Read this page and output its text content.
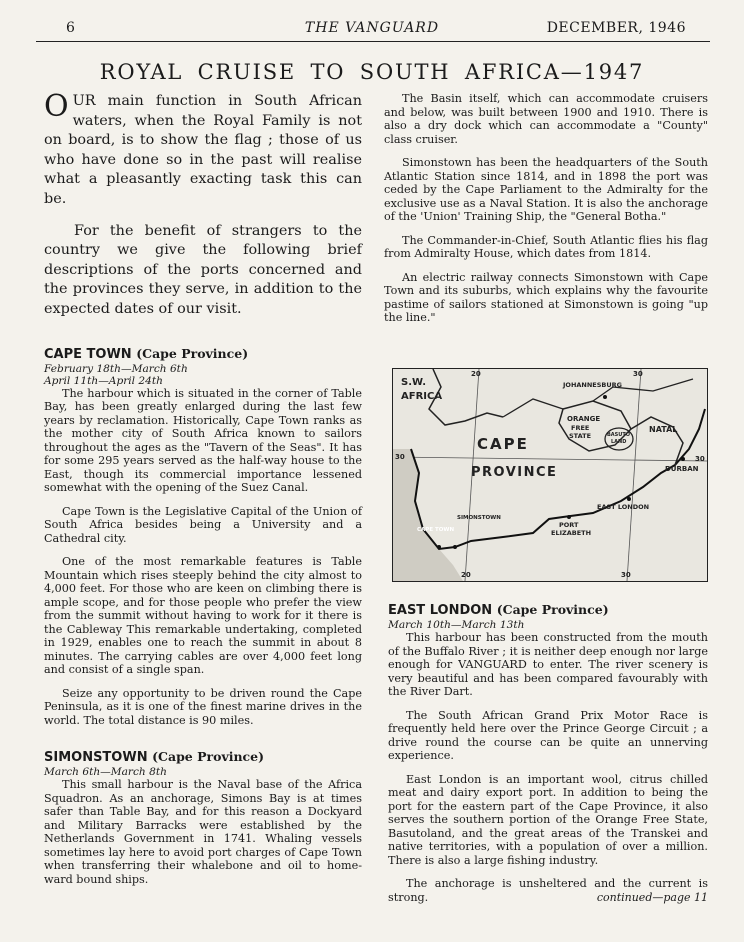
6	THE VANGUARD	DECEMBER, 1946
ROYAL CRUISE TO SOUTH AFRICA—1947

OUR main function in South African waters, when the Royal Family is not on board, is to show the flag ; those of us who have done so in the past will realise what a pleasantly exacting task this can be.

For the benefit of strangers to the country we give the following brief descriptions of the ports concerned and the provinces they serve, in addition to the expected dates of our visit.

CAPE TOWN (Cape Province)
February 18th—March 6th
April 11th—April 24th

The harbour which is situated in the corner of Table Bay, has been greatly enlarged during the last few years by reclamation. Historically, Cape Town ranks as the mother city of South Africa known to sailors throughout the ages as the "Tavern of the Seas". It has for some 295 years served as the half-way house to the East, though its commercial importance lessened somewhat with the opening of the Suez Canal.

Cape Town is the Legislative Capital of the Union of South Africa besides being a University and a Cathedral city.

One of the most remarkable features is Table Mountain which rises steeply behind the city almost to 4,000 feet. For those who are keen on climbing there is ample scope, and for those people who prefer the view from the summit without having to work for it there is the Cableway This remarkable undertaking, completed in 1929, enables one to reach the summit in about 8 minutes. The carrying cables are over 4,000 feet long and consist of a single span.

Seize any opportunity to be driven round the Cape Peninsula, as it is one of the finest marine drives in the world. The total distance is 90 miles.

SIMONSTOWN (Cape Province)
March 6th—March 8th

This small harbour is the Naval base of the Africa Squadron. As an anchorage, Simons Bay is at times safer than Table Bay, and for this reason a Dockyard and Military Barracks were established by the Netherlands Government in 1741. Whaling vessels sometimes lay here to avoid port charges of Cape Town when transferring their whalebone and oil to home-ward bound ships.

The Basin itself, which can accommodate cruisers and below, was built between 1900 and 1910. There is also a dry dock which can accommodate a "County" class cruiser.

Simonstown has been the headquarters of the South Atlantic Station since 1814, and in 1898 the port was ceded by the Cape Parliament to the Admiralty for the exclusive use as a Naval Station. It is also the anchorage of the 'Union' Training Ship, the "General Botha."

The Commander-in-Chief, South Atlantic flies his flag from Admiralty House, which dates from 1814.

An electric railway connects Simonstown with Cape Town and its suburbs, which explains why the favourite pastime of sailors stationed at Simonstown is going "up the line."

S.W.
AFRICA
JOHANNESBURG
ORANGE
FREE
STATE
NATAL
BASUTO
LAND
DURBAN
CAPE
PROVINCE
EAST LONDON
PORT
ELIZABETH
CAPE TOWN
SIMONSTOWN
30	30
20	30
20	30
EAST LONDON (Cape Province)
March 10th—March 13th

This harbour has been constructed from the mouth of the Buffalo River ; it is neither deep enough nor large enough for VANGUARD to enter. The river scenery is very beautiful and has been compared favourably with the River Dart.

The South African Grand Prix Motor Race is frequently held here over the Prince George Circuit ; a drive round the course can be quite an unnerving experience.

East London is an important wool, citrus chilled meat and dairy export port. In addition to being the port for the eastern part of the Cape Province, it also serves the southern portion of the Orange Free State, Basutoland, and the great areas of the Transkei and native territories, with a population of over a million. There is also a large fishing industry.

The anchorage is unsheltered and the current is strong.	continued—page 11
